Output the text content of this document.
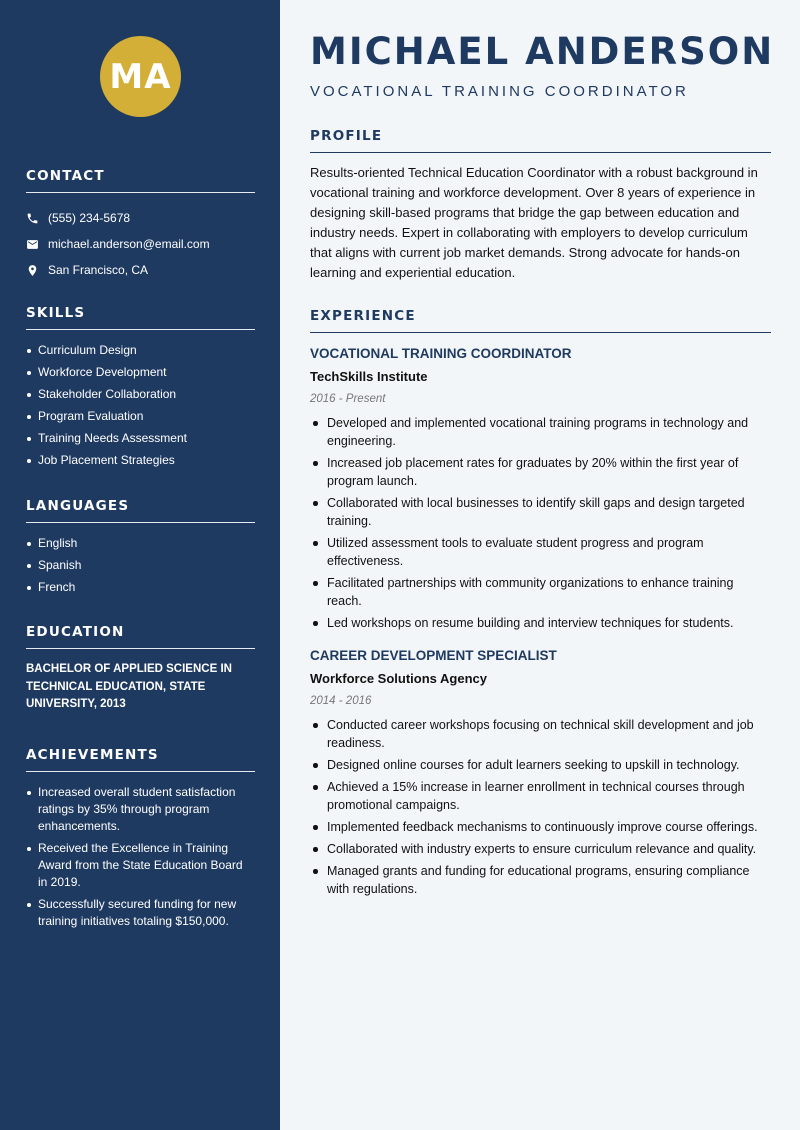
MA
CONTACT
(555) 234-5678
michael.anderson@email.com
San Francisco, CA
SKILLS
Curriculum Design
Workforce Development
Stakeholder Collaboration
Program Evaluation
Training Needs Assessment
Job Placement Strategies
LANGUAGES
English
Spanish
French
EDUCATION
BACHELOR OF APPLIED SCIENCE IN TECHNICAL EDUCATION, STATE UNIVERSITY, 2013
ACHIEVEMENTS
Increased overall student satisfaction ratings by 35% through program enhancements.
Received the Excellence in Training Award from the State Education Board in 2019.
Successfully secured funding for new training initiatives totaling $150,000.
MICHAEL ANDERSON
VOCATIONAL TRAINING COORDINATOR
PROFILE

Results-oriented Technical Education Coordinator with a robust background in vocational training and workforce development. Over 8 years of experience in designing skill-based programs that bridge the gap between education and industry needs. Expert in collaborating with employers to develop curriculum that aligns with current job market demands. Strong advocate for hands-on learning and experiential education.

EXPERIENCE
VOCATIONAL TRAINING COORDINATOR
TechSkills Institute
2016 - Present
Developed and implemented vocational training programs in technology and engineering.
Increased job placement rates for graduates by 20% within the first year of program launch.
Collaborated with local businesses to identify skill gaps and design targeted training.
Utilized assessment tools to evaluate student progress and program effectiveness.
Facilitated partnerships with community organizations to enhance training reach.
Led workshops on resume building and interview techniques for students.
CAREER DEVELOPMENT SPECIALIST
Workforce Solutions Agency
2014 - 2016
Conducted career workshops focusing on technical skill development and job readiness.
Designed online courses for adult learners seeking to upskill in technology.
Achieved a 15% increase in learner enrollment in technical courses through promotional campaigns.
Implemented feedback mechanisms to continuously improve course offerings.
Collaborated with industry experts to ensure curriculum relevance and quality.
Managed grants and funding for educational programs, ensuring compliance with regulations.
